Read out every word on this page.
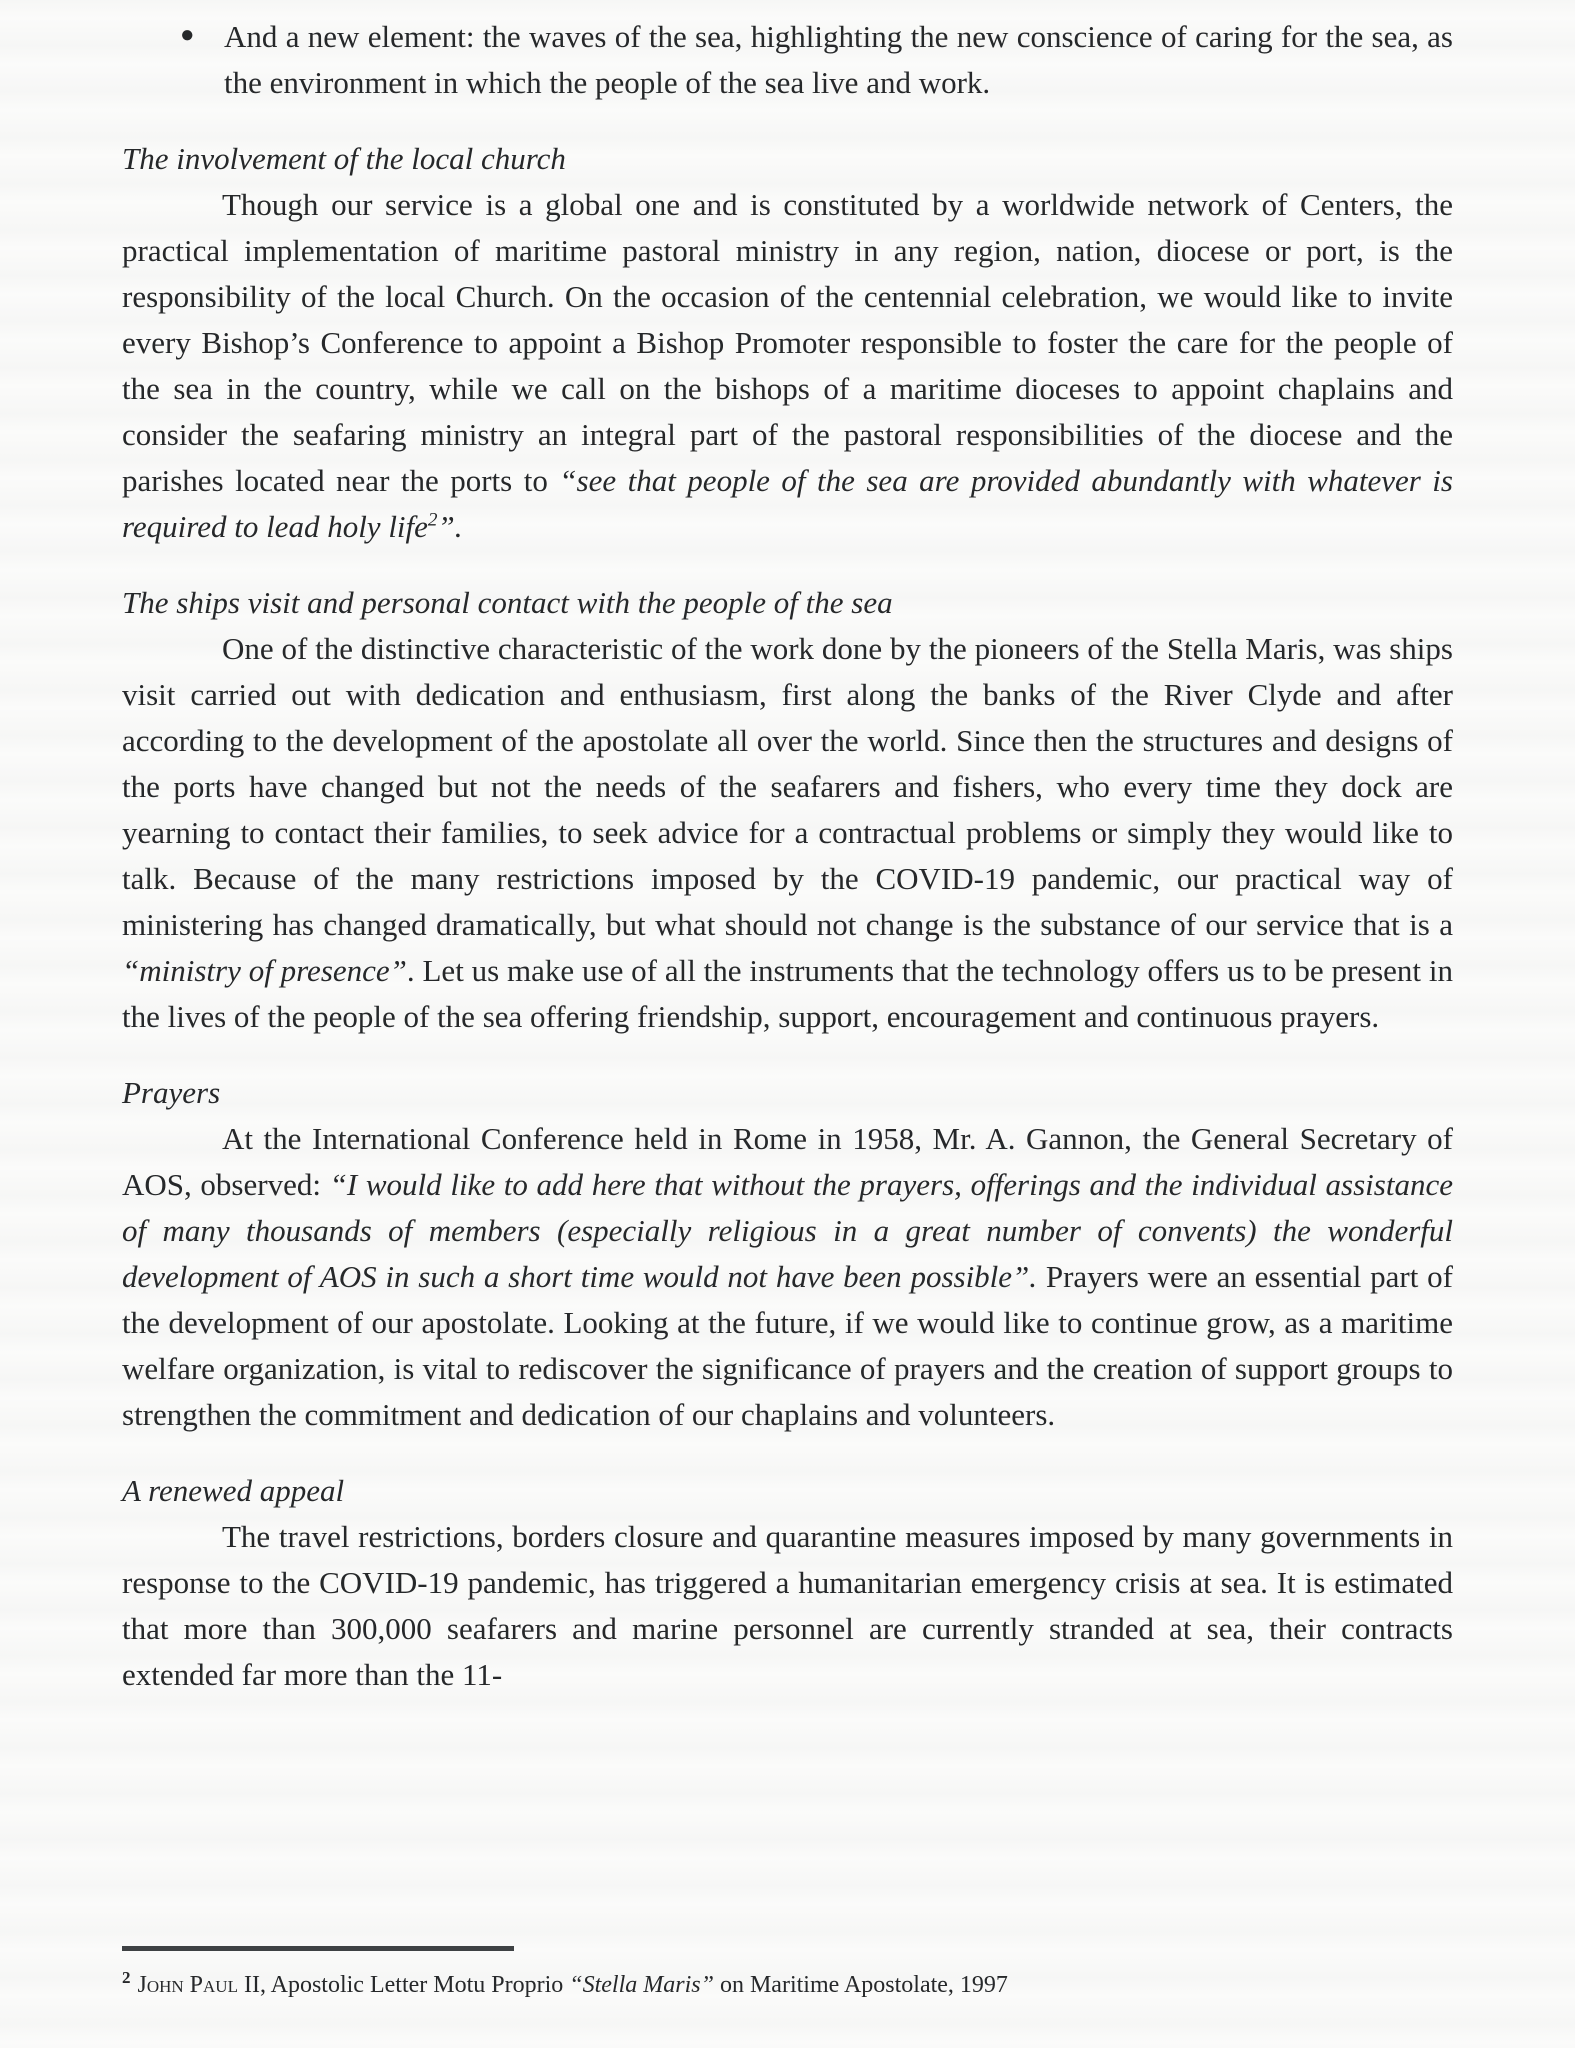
● And a new element: the waves of the sea, highlighting the new conscience of caring for the sea, as the environment in which the people of the sea live and work.
The involvement of the local church

Though our service is a global one and is constituted by a worldwide network of Centers, the practical implementation of maritime pastoral ministry in any region, nation, diocese or port, is the responsibility of the local Church. On the occasion of the centennial celebration, we would like to invite every Bishop’s Conference to appoint a Bishop Promoter responsible to foster the care for the people of the sea in the country, while we call on the bishops of a maritime dioceses to appoint chaplains and consider the seafaring ministry an integral part of the pastoral responsibilities of the diocese and the parishes located near the ports to “see that people of the sea are provided abundantly with whatever is required to lead holy life$^2$”.

The ships visit and personal contact with the people of the sea

One of the distinctive characteristic of the work done by the pioneers of the Stella Maris, was ships visit carried out with dedication and enthusiasm, first along the banks of the River Clyde and after according to the development of the apostolate all over the world. Since then the structures and designs of the ports have changed but not the needs of the seafarers and fishers, who every time they dock are yearning to contact their families, to seek advice for a contractual problems or simply they would like to talk. Because of the many restrictions imposed by the COVID-19 pandemic, our practical way of ministering has changed dramatically, but what should not change is the substance of our service that is a “ministry of presence”. Let us make use of all the instruments that the technology offers us to be present in the lives of the people of the sea offering friendship, support, encouragement and continuous prayers.

Prayers

At the International Conference held in Rome in 1958, Mr. A. Gannon, the General Secretary of AOS, observed: “I would like to add here that without the prayers, offerings and the individual assistance of many thousands of members (especially religious in a great number of convents) the wonderful development of AOS in such a short time would not have been possible”. Prayers were an essential part of the development of our apostolate. Looking at the future, if we would like to continue grow, as a maritime welfare organization, is vital to rediscover the significance of prayers and the creation of support groups to strengthen the commitment and dedication of our chaplains and volunteers.

A renewed appeal

The travel restrictions, borders closure and quarantine measures imposed by many governments in response to the COVID-19 pandemic, has triggered a humanitarian emergency crisis at sea. It is estimated that more than 300,000 seafarers and marine personnel are currently stranded at sea, their contracts extended far more than the 11-

$^2$ John Paul II, Apostolic Letter Motu Proprio “Stella Maris” on Maritime Apostolate, 1997
